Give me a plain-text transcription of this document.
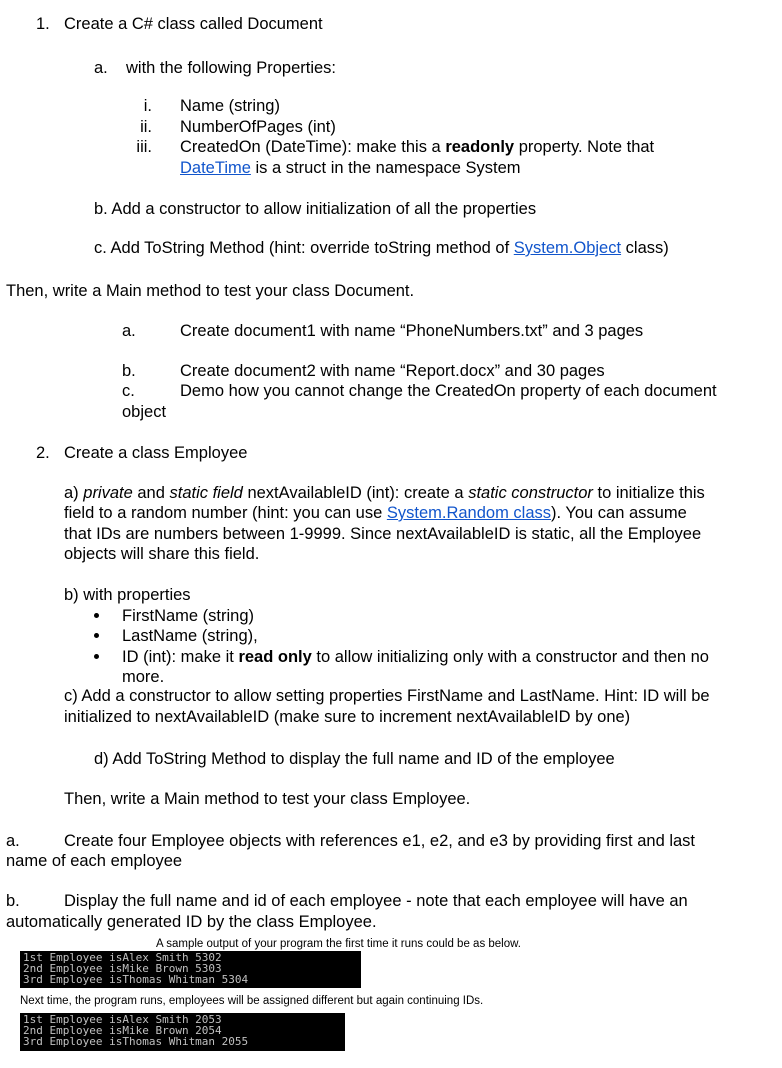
1. Create a C# class called Document
a. with the following Properties:
i. Name (string)
ii. NumberOfPages (int)
iii. CreatedOn (DateTime): make this a readonly property. Note that
DateTime is a struct in the namespace System
b. Add a constructor to allow initialization of all the properties
c. Add ToString Method (hint: override toString method of System.Object class)
Then, write a Main method to test your class Document.
a.	Create document1 with name “PhoneNumbers.txt” and 3 pages
b.	Create document2 with name “Report.docx” and 30 pages
c.	Demo how you cannot change the CreatedOn property of each document
object
2. Create a class Employee
a) private and static field nextAvailableID (int): create a static constructor to initialize this
field to a random number (hint: you can use System.Random class). You can assume
that IDs are numbers between 1-9999. Since nextAvailableID is static, all the Employee
objects will share this field.
b) with properties
FirstName (string)
LastName (string),
ID (int): make it read only to allow initializing only with a constructor and then no
more.
c) Add a constructor to allow setting properties FirstName and LastName. Hint: ID will be
initialized to nextAvailableID (make sure to increment nextAvailableID by one)
d) Add ToString Method to display the full name and ID of the employee
Then, write a Main method to test your class Employee.
a.	Create four Employee objects with references e1, e2, and e3 by providing first and last
name of each employee
b.	Display the full name and id of each employee - note that each employee will have an
automatically generated ID by the class Employee.
A sample output of your program the first time it runs could be as below.
1st Employee isAlex Smith 5302
2nd Employee isMike Brown 5303
3rd Employee isThomas Whitman 5304
Next time, the program runs, employees will be assigned different but again continuing IDs.
1st Employee isAlex Smith 2053
2nd Employee isMike Brown 2054
3rd Employee isThomas Whitman 2055
